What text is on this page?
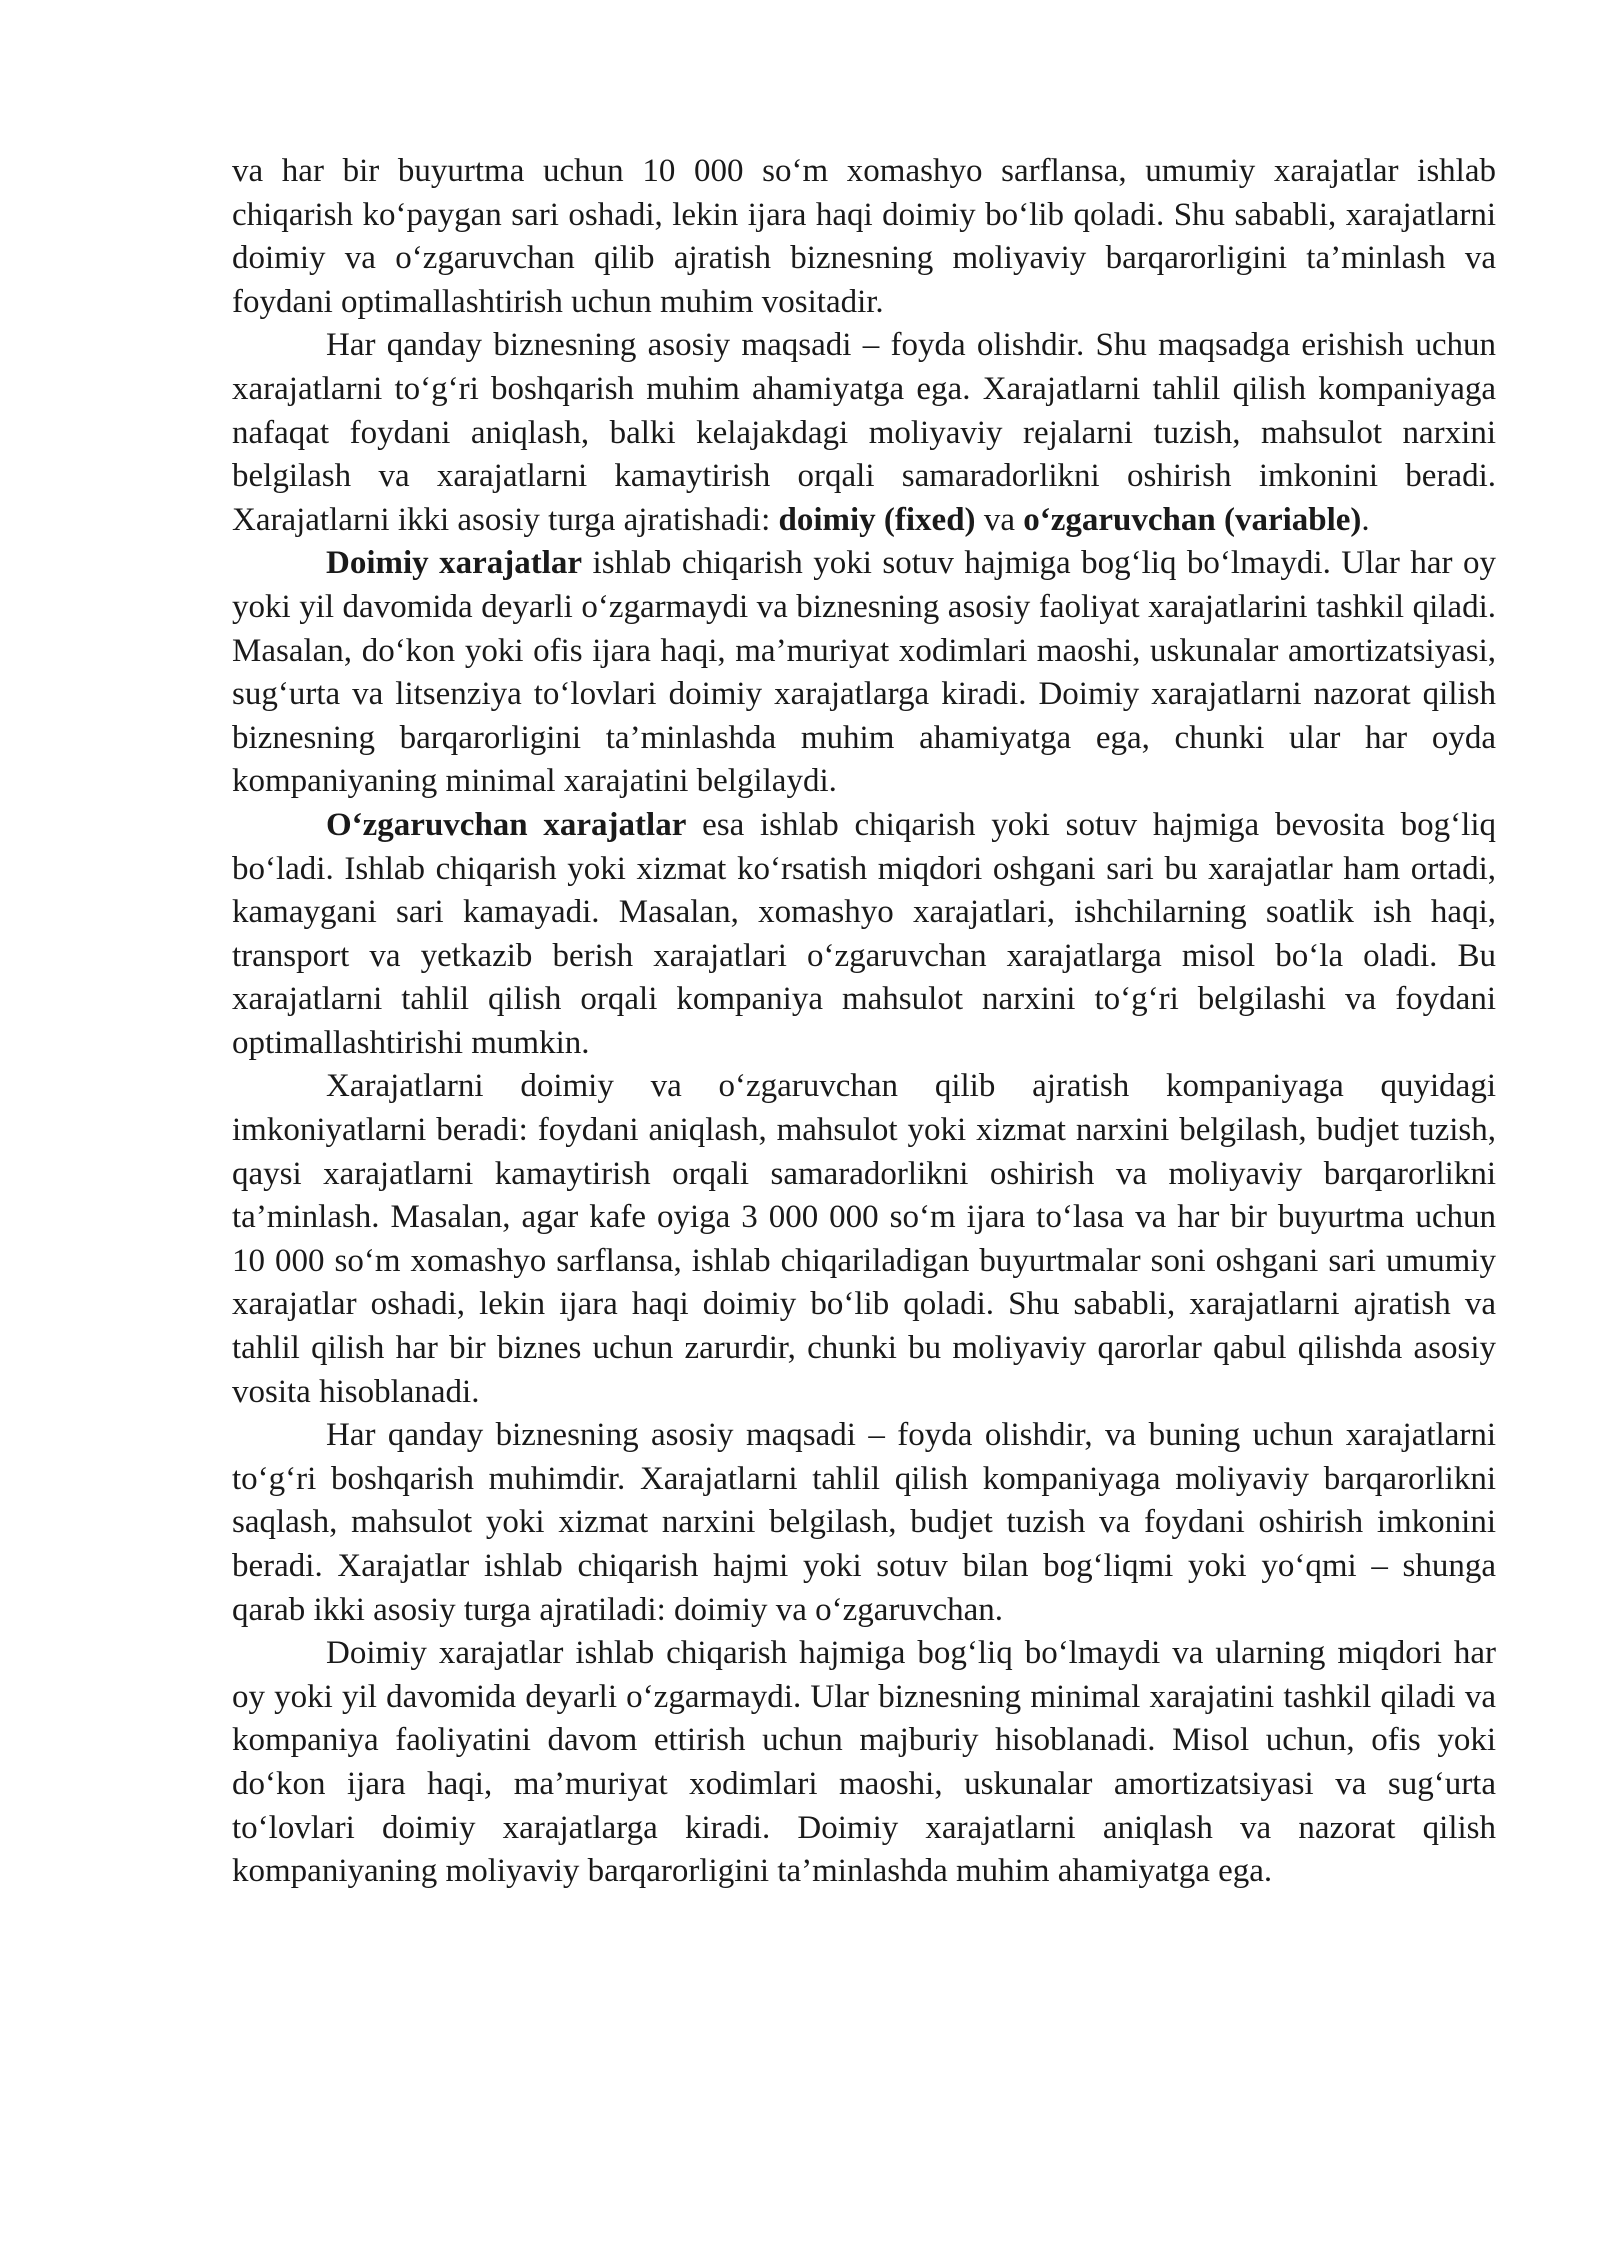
va har bir buyurtma uchun 10 000 so‘m xomashyo sarflansa, umumiy xarajatlar ishlab chiqarish ko‘paygan sari oshadi, lekin ijara haqi doimiy bo‘lib qoladi. Shu sababli, xarajatlarni doimiy va o‘zgaruvchan qilib ajratish biznesning moliyaviy barqarorligini ta’minlash va foydani optimallashtirish uchun muhim vositadir.

Har qanday biznesning asosiy maqsadi – foyda olishdir. Shu maqsadga erishish uchun xarajatlarni to‘g‘ri boshqarish muhim ahamiyatga ega. Xarajatlarni tahlil qilish kompaniyaga nafaqat foydani aniqlash, balki kelajakdagi moliyaviy rejalarni tuzish, mahsulot narxini belgilash va xarajatlarni kamaytirish orqali samaradorlikni oshirish imkonini beradi. Xarajatlarni ikki asosiy turga ajratishadi: doimiy (fixed) va o‘zgaruvchan (variable).

Doimiy xarajatlar ishlab chiqarish yoki sotuv hajmiga bog‘liq bo‘lmaydi. Ular har oy yoki yil davomida deyarli o‘zgarmaydi va biznesning asosiy faoliyat xarajatlarini tashkil qiladi. Masalan, do‘kon yoki ofis ijara haqi, ma’muriyat xodimlari maoshi, uskunalar amortizatsiyasi, sug‘urta va litsenziya to‘lovlari doimiy xarajatlarga kiradi. Doimiy xarajatlarni nazorat qilish biznesning barqarorligini ta’minlashda muhim ahamiyatga ega, chunki ular har oyda kompaniyaning minimal xarajatini belgilaydi.

O‘zgaruvchan xarajatlar esa ishlab chiqarish yoki sotuv hajmiga bevosita bog‘liq bo‘ladi. Ishlab chiqarish yoki xizmat ko‘rsatish miqdori oshgani sari bu xarajatlar ham ortadi, kamaygani sari kamayadi. Masalan, xomashyo xarajatlari, ishchilarning soatlik ish haqi, transport va yetkazib berish xarajatlari o‘zgaruvchan xarajatlarga misol bo‘la oladi. Bu xarajatlarni tahlil qilish orqali kompaniya mahsulot narxini to‘g‘ri belgilashi va foydani optimallashtirishi mumkin.

Xarajatlarni doimiy va o‘zgaruvchan qilib ajratish kompaniyaga quyidagi imkoniyatlarni beradi: foydani aniqlash, mahsulot yoki xizmat narxini belgilash, budjet tuzish, qaysi xarajatlarni kamaytirish orqali samaradorlikni oshirish va moliyaviy barqarorlikni ta’minlash. Masalan, agar kafe oyiga 3 000 000 so‘m ijara to‘lasa va har bir buyurtma uchun 10 000 so‘m xomashyo sarflansa, ishlab chiqariladigan buyurtmalar soni oshgani sari umumiy xarajatlar oshadi, lekin ijara haqi doimiy bo‘lib qoladi. Shu sababli, xarajatlarni ajratish va tahlil qilish har bir biznes uchun zarurdir, chunki bu moliyaviy qarorlar qabul qilishda asosiy vosita hisoblanadi.

Har qanday biznesning asosiy maqsadi – foyda olishdir, va buning uchun xarajatlarni to‘g‘ri boshqarish muhimdir. Xarajatlarni tahlil qilish kompaniyaga moliyaviy barqarorlikni saqlash, mahsulot yoki xizmat narxini belgilash, budjet tuzish va foydani oshirish imkonini beradi. Xarajatlar ishlab chiqarish hajmi yoki sotuv bilan bog‘liqmi yoki yo‘qmi – shunga qarab ikki asosiy turga ajratiladi: doimiy va o‘zgaruvchan.

Doimiy xarajatlar ishlab chiqarish hajmiga bog‘liq bo‘lmaydi va ularning miqdori har oy yoki yil davomida deyarli o‘zgarmaydi. Ular biznesning minimal xarajatini tashkil qiladi va kompaniya faoliyatini davom ettirish uchun majburiy hisoblanadi. Misol uchun, ofis yoki do‘kon ijara haqi, ma’muriyat xodimlari maoshi, uskunalar amortizatsiyasi va sug‘urta to‘lovlari doimiy xarajatlarga kiradi. Doimiy xarajatlarni aniqlash va nazorat qilish kompaniyaning moliyaviy barqarorligini ta’minlashda muhim ahamiyatga ega.
